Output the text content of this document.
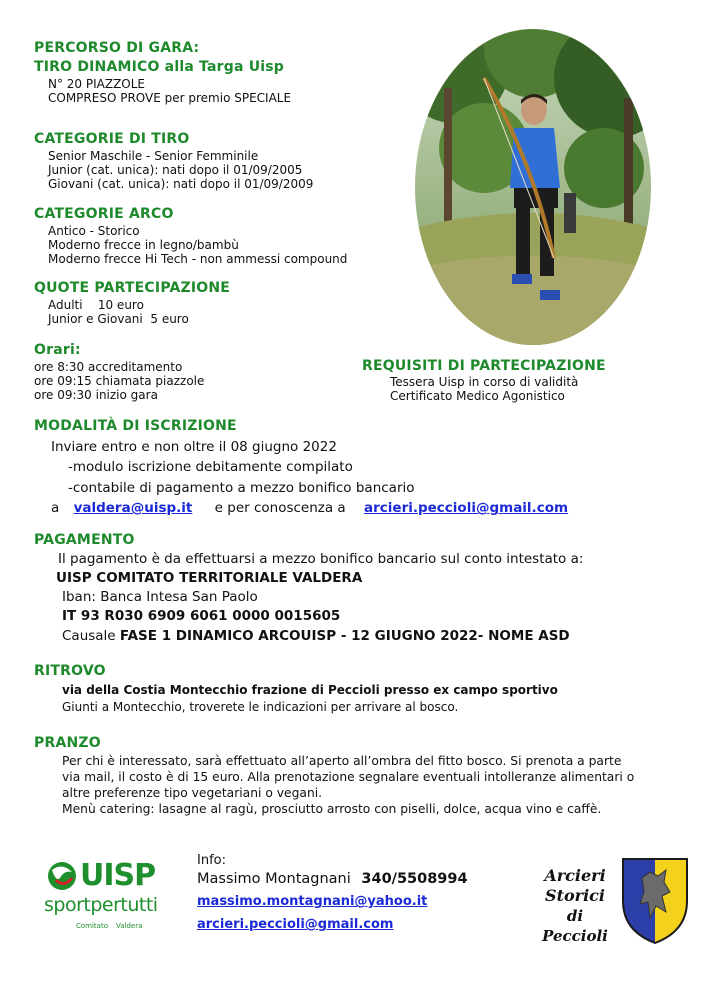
PERCORSO DI GARA:
TIRO DINAMICO alla Targa Uisp
N° 20 PIAZZOLE
COMPRESO PROVE per premio SPECIALE
CATEGORIE DI TIRO
Senior Maschile - Senior Femminile
Junior (cat. unica): nati dopo il 01/09/2005
Giovani (cat. unica): nati dopo il 01/09/2009
CATEGORIE ARCO
Antico - Storico
Moderno frecce in legno/bambù
Moderno frecce Hi Tech - non ammessi compound
QUOTE PARTECIPAZIONE
Adulti    10 euro
Junior e Giovani  5 euro
Orari:
ore 8:30 accreditamento
ore 09:15 chiamata piazzole
ore 09:30 inizio gara
REQUISITI DI PARTECIPAZIONE
Tessera Uisp in corso di validità
Certificato Medico Agonistico
MODALITÀ DI ISCRIZIONE
Inviare entro e non oltre il 08 giugno 2022
-modulo iscrizione debitamente compilato
-contabile di pagamento a mezzo bonifico bancario
a valdera@uisp.it e per conoscenza a arcieri.peccioli@gmail.com
PAGAMENTO
Il pagamento è da effettuarsi a mezzo bonifico bancario sul conto intestato a:
UISP COMITATO TERRITORIALE VALDERA
Iban: Banca Intesa San Paolo
IT 93 R030 6909 6061 0000 0015605
Causale FASE 1 DINAMICO ARCOUISP - 12 GIUGNO 2022- NOME ASD
RITROVO
via della Costia Montecchio frazione di Peccioli presso ex campo sportivo
Giunti a Montecchio, troverete le indicazioni per arrivare al bosco.
PRANZO
Per chi è interessato, sarà effettuato all’aperto all’ombra del fitto bosco. Si prenota a parte
via mail, il costo è di 15 euro. Alla prenotazione segnalare eventuali intolleranze alimentari o
altre preferenze tipo vegetariani o vegani.
Menù catering: lasagne al ragù, prosciutto arrosto con piselli, dolce, acqua vino e caffè.
UISP
sportpertutti
Comitato Valdera
Info:
Massimo Montagnani 340/5508994
massimo.montagnani@yahoo.it
arcieri.peccioli@gmail.com
Arcieri
Storici
di Peccioli
